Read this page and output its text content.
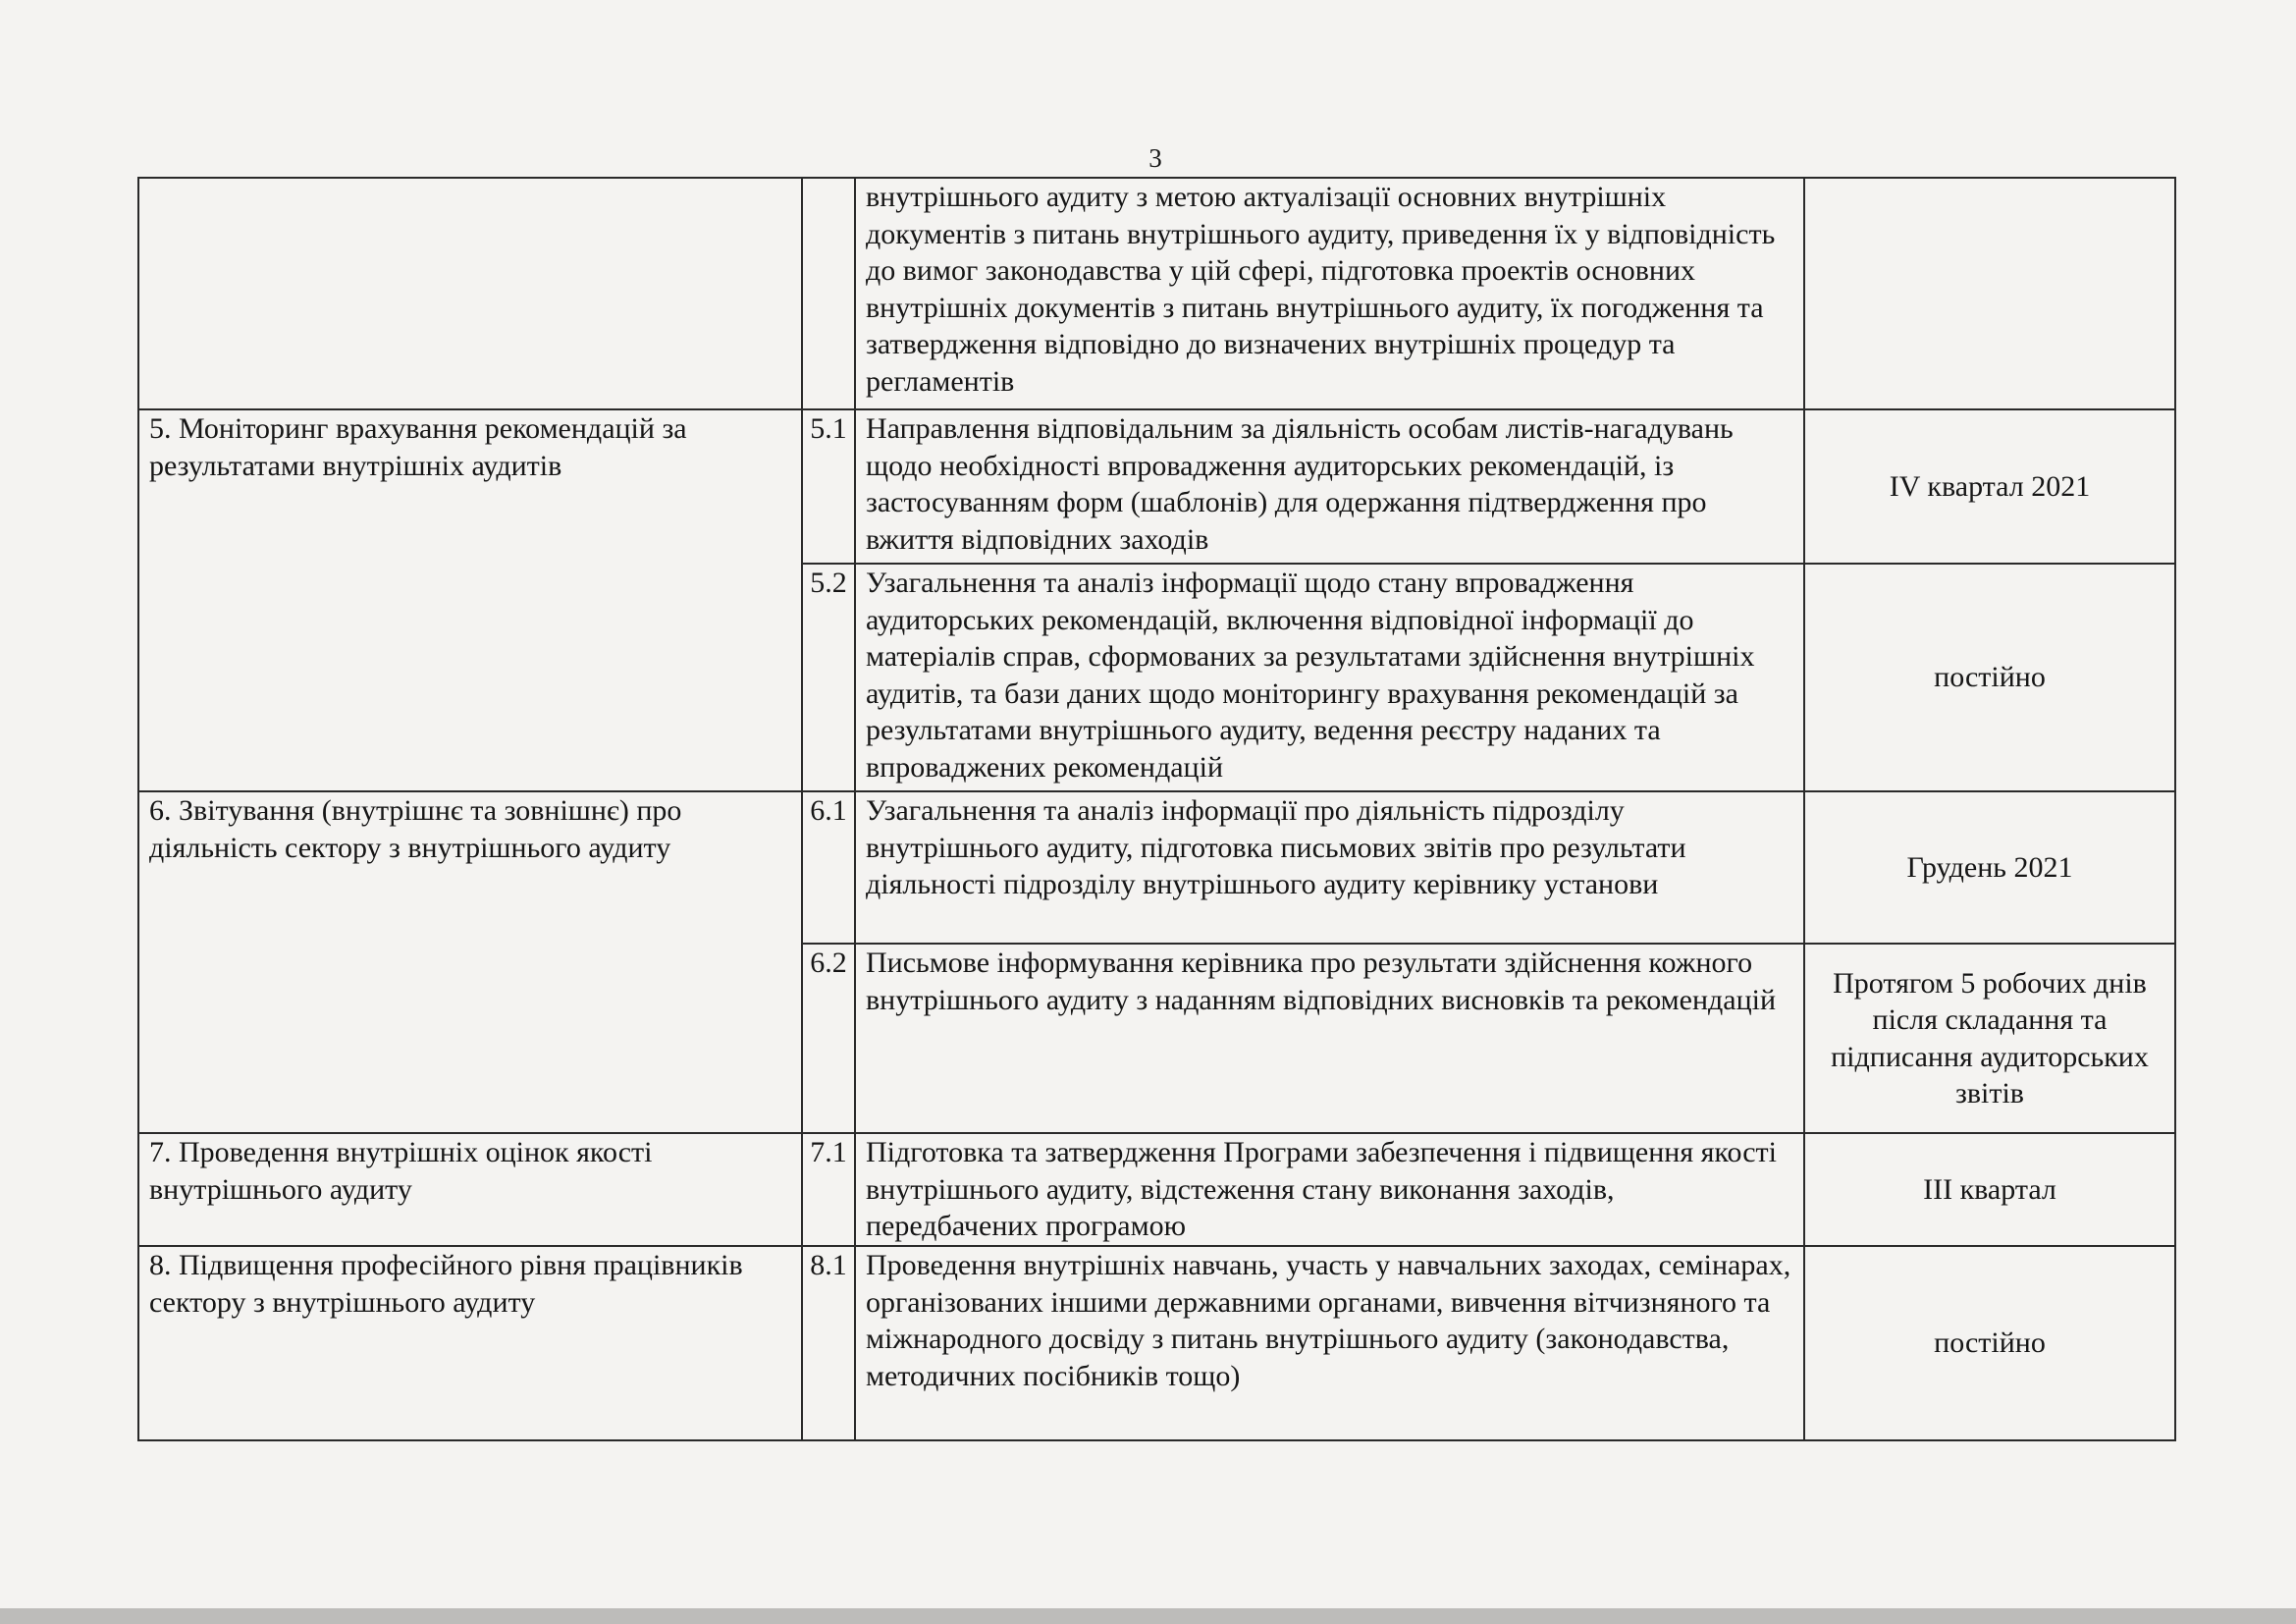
3
		внутрішнього аудиту з метою актуалізації основних внутрішніх документів з питань внутрішнього аудиту, приведення їх у відповідність до вимог законодавства у цій сфері, підготовка проектів основних внутрішніх документів з питань внутрішнього аудиту, їх погодження та затвердження відповідно до визначених внутрішніх процедур та регламентів	
5. Моніторинг врахування рекомендацій за результатами внутрішніх аудитів	5.1	Направлення відповідальним за діяльність особам листів-нагадувань щодо необхідності впровадження аудиторських рекомендацій, із застосуванням форм (шаблонів) для одержання підтвердження про вжиття відповідних заходів	IV квартал 2021
	5.2	Узагальнення та аналіз інформації щодо стану впровадження аудиторських рекомендацій, включення відповідної інформації до матеріалів справ, сформованих за результатами здійснення внутрішніх аудитів, та бази даних щодо моніторингу врахування рекомендацій за результатами внутрішнього аудиту, ведення реєстру наданих та впроваджених рекомендацій	постійно
6. Звітування (внутрішнє та зовнішнє) про діяльність сектору з внутрішнього аудиту	6.1	Узагальнення та аналіз інформації про діяльність підрозділу внутрішнього аудиту, підготовка письмових звітів про результати діяльності підрозділу внутрішнього аудиту керівнику установи	Грудень 2021
	6.2	Письмове інформування керівника про результати здійснення кожного внутрішнього аудиту з наданням відповідних висновків та рекомендацій	Протягом 5 робочих днів після складання та підписання аудиторських звітів
7. Проведення внутрішніх оцінок якості внутрішнього аудиту	7.1	Підготовка та затвердження Програми забезпечення і підвищення якості внутрішнього аудиту, відстеження стану виконання заходів, передбачених програмою	ІІІ квартал
8. Підвищення професійного рівня працівників сектору з внутрішнього аудиту	8.1	Проведення внутрішніх навчань, участь у навчальних заходах, семінарах, організованих іншими державними органами, вивчення вітчизняного та міжнародного досвіду з питань внутрішнього аудиту (законодавства, методичних посібників тощо)	постійно
